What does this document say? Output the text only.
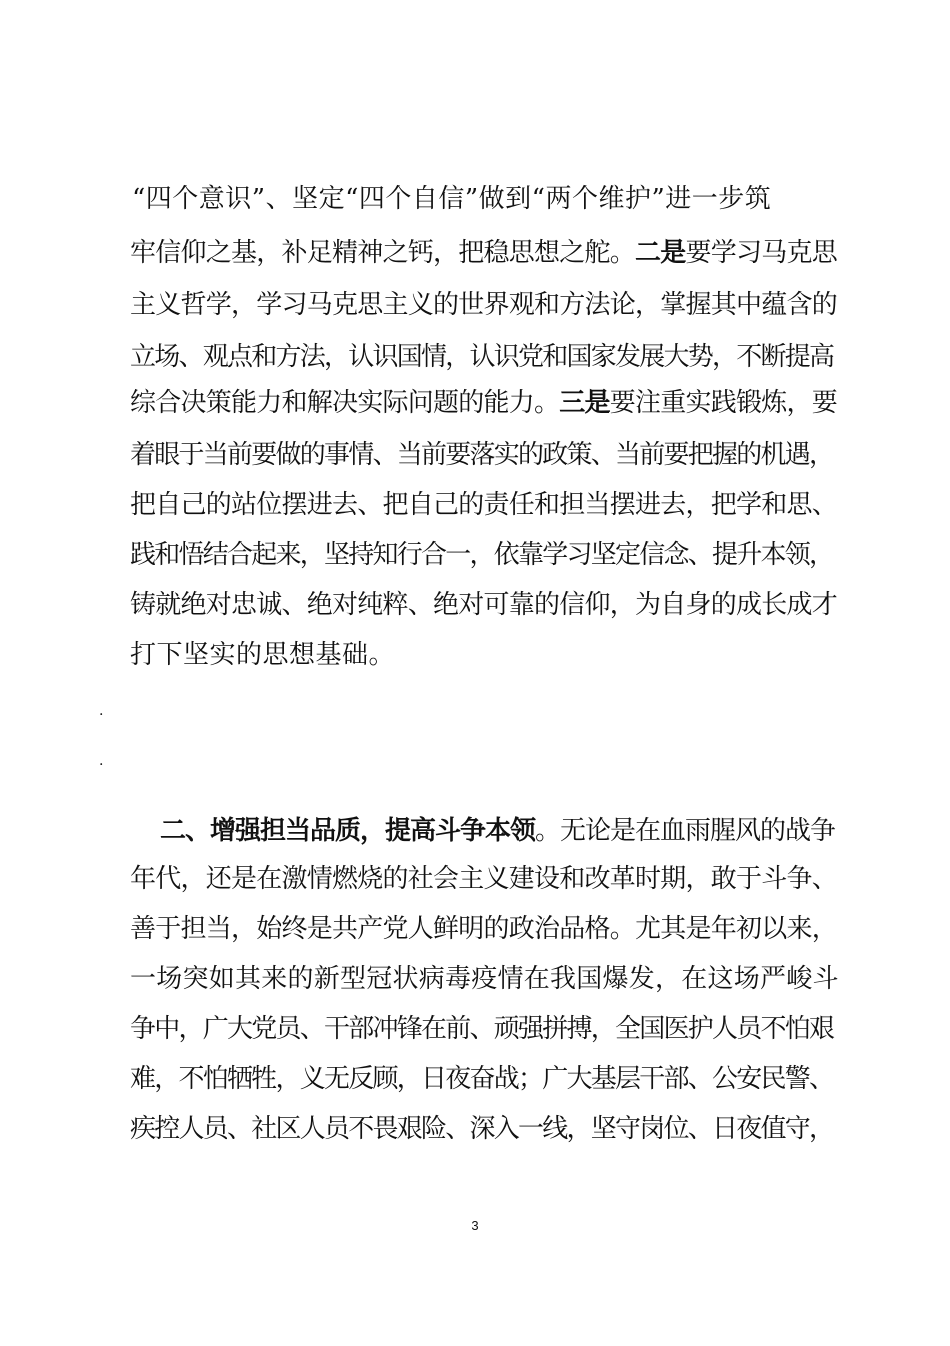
“四个意识”、坚定“四个自信”做到“两个维护”进一步筑
牢信仰之基，补足精神之钙，把稳思想之舵。二是要学习马克思
主义哲学，学习马克思主义的世界观和方法论，掌握其中蕴含的
立场、观点和方法，认识国情，认识党和国家发展大势，不断提高
综合决策能力和解决实际问题的能力。三是要注重实践锻炼，要
着眼于当前要做的事情、当前要落实的政策、当前要把握的机遇，
把自己的站位摆进去、把自己的责任和担当摆进去，把学和思、
践和悟结合起来，坚持知行合一，依靠学习坚定信念、提升本领，
铸就绝对忠诚、绝对纯粹、绝对可靠的信仰，为自身的成长成才
打下坚实的思想基础。
.
.
二、增强担当品质，提高斗争本领。无论是在血雨腥风的战争
年代，还是在激情燃烧的社会主义建设和改革时期，敢于斗争、
善于担当，始终是共产党人鲜明的政治品格。尤其是年初以来，
一场突如其来的新型冠状病毒疫情在我国爆发，在这场严峻斗
争中，广大党员、干部冲锋在前、顽强拼搏，全国医护人员不怕艰
难，不怕牺牲，义无反顾，日夜奋战；广大基层干部、公安民警、
疾控人员、社区人员不畏艰险、深入一线，坚守岗位、日夜值守，
3
